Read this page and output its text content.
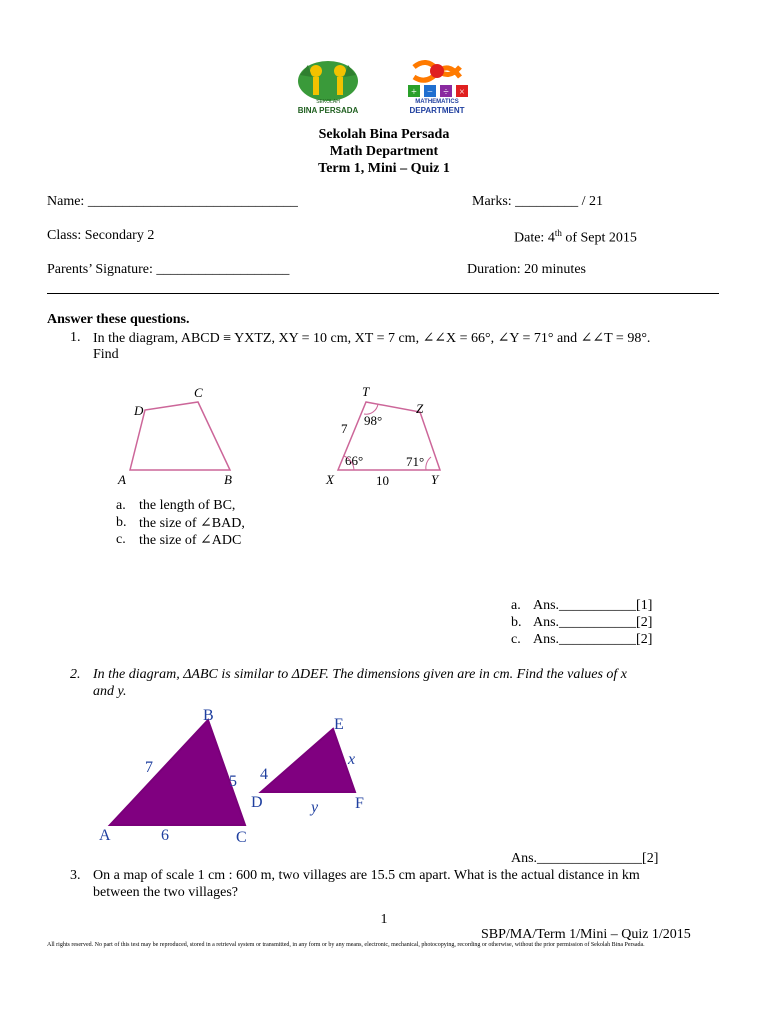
SEKOLAH
BINA PERSADA
+ − ÷ ×
MATHEMATICS
DEPARTMENT
Sekolah Bina Persada
Math Department
Term 1, Mini – Quiz 1
Name: ______________________________	Marks: _________ / 21
Class: Secondary 2	Date: 4th of Sept 2015
Parents’ Signature: ___________________	Duration: 20 minutes
Answer these questions.
1. In the diagram, ABCD ≡ YXTZ, XY = 10 cm, XT = 7 cm, ∠∠X = 66°, ∠Y = 71° and ∠∠T = 98°.
Find
A	B
C
D
T
Z
X	Y
7
10
98°
66°	71°
a. the length of BC,
b. the size of ∠BAD,
c. the size of ∠ADC
a. Ans.___________[1]
b. Ans.___________[2]
c. Ans.___________[2]
2. In the diagram, ΔABC is similar to ΔDEF. The dimensions given are in cm. Find the values of x
and y.
B
A	C
7
5
6
E
D	F
4
x
y
Ans._______________[2]
3. On a map of scale 1 cm : 600 m, two villages are 15.5 cm apart. What is the actual distance in km
between the two villages?
1
SBP/MA/Term 1/Mini – Quiz 1/2015
All rights reserved. No part of this test may be reproduced, stored in a retrieval system or transmitted, in any form or by any means, electronic, mechanical, photocopying, recording or otherwise, without the prior permission of Sekolah Bina Persada.
